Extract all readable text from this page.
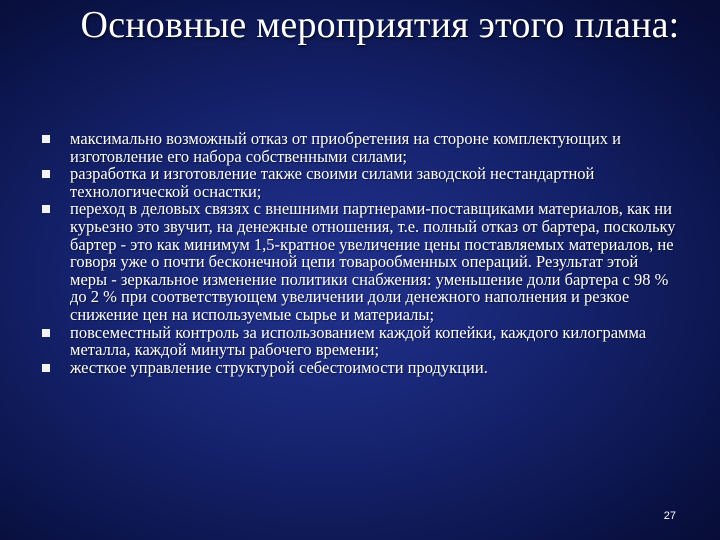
Основные мероприятия этого плана:
максимально возможный отказ от приобретения на стороне комплектующих и изготовление его набора собственными силами;
разработка и изготовление также своими силами заводской нестандартной технологической оснастки;
переход в деловых связях с внешними партнерами-поставщиками материалов, как ни курьезно это звучит, на денежные отношения, т.е. полный отказ от бартера, поскольку бартер - это как минимум 1,5-кратное увеличение цены поставляемых материалов, не говоря уже о почти бесконечной цепи товарообменных операций. Результат этой меры - зеркальное изменение политики снабжения: уменьшение доли бартера с 98 % до 2 % при соответствующем увеличении доли денежного наполнения и резкое снижение цен на используемые сырье и материалы;
повсеместный контроль за использованием каждой копейки, каждого килограмма металла, каждой минуты рабочего времени;
жесткое управление структурой себестоимости продукции.
27
